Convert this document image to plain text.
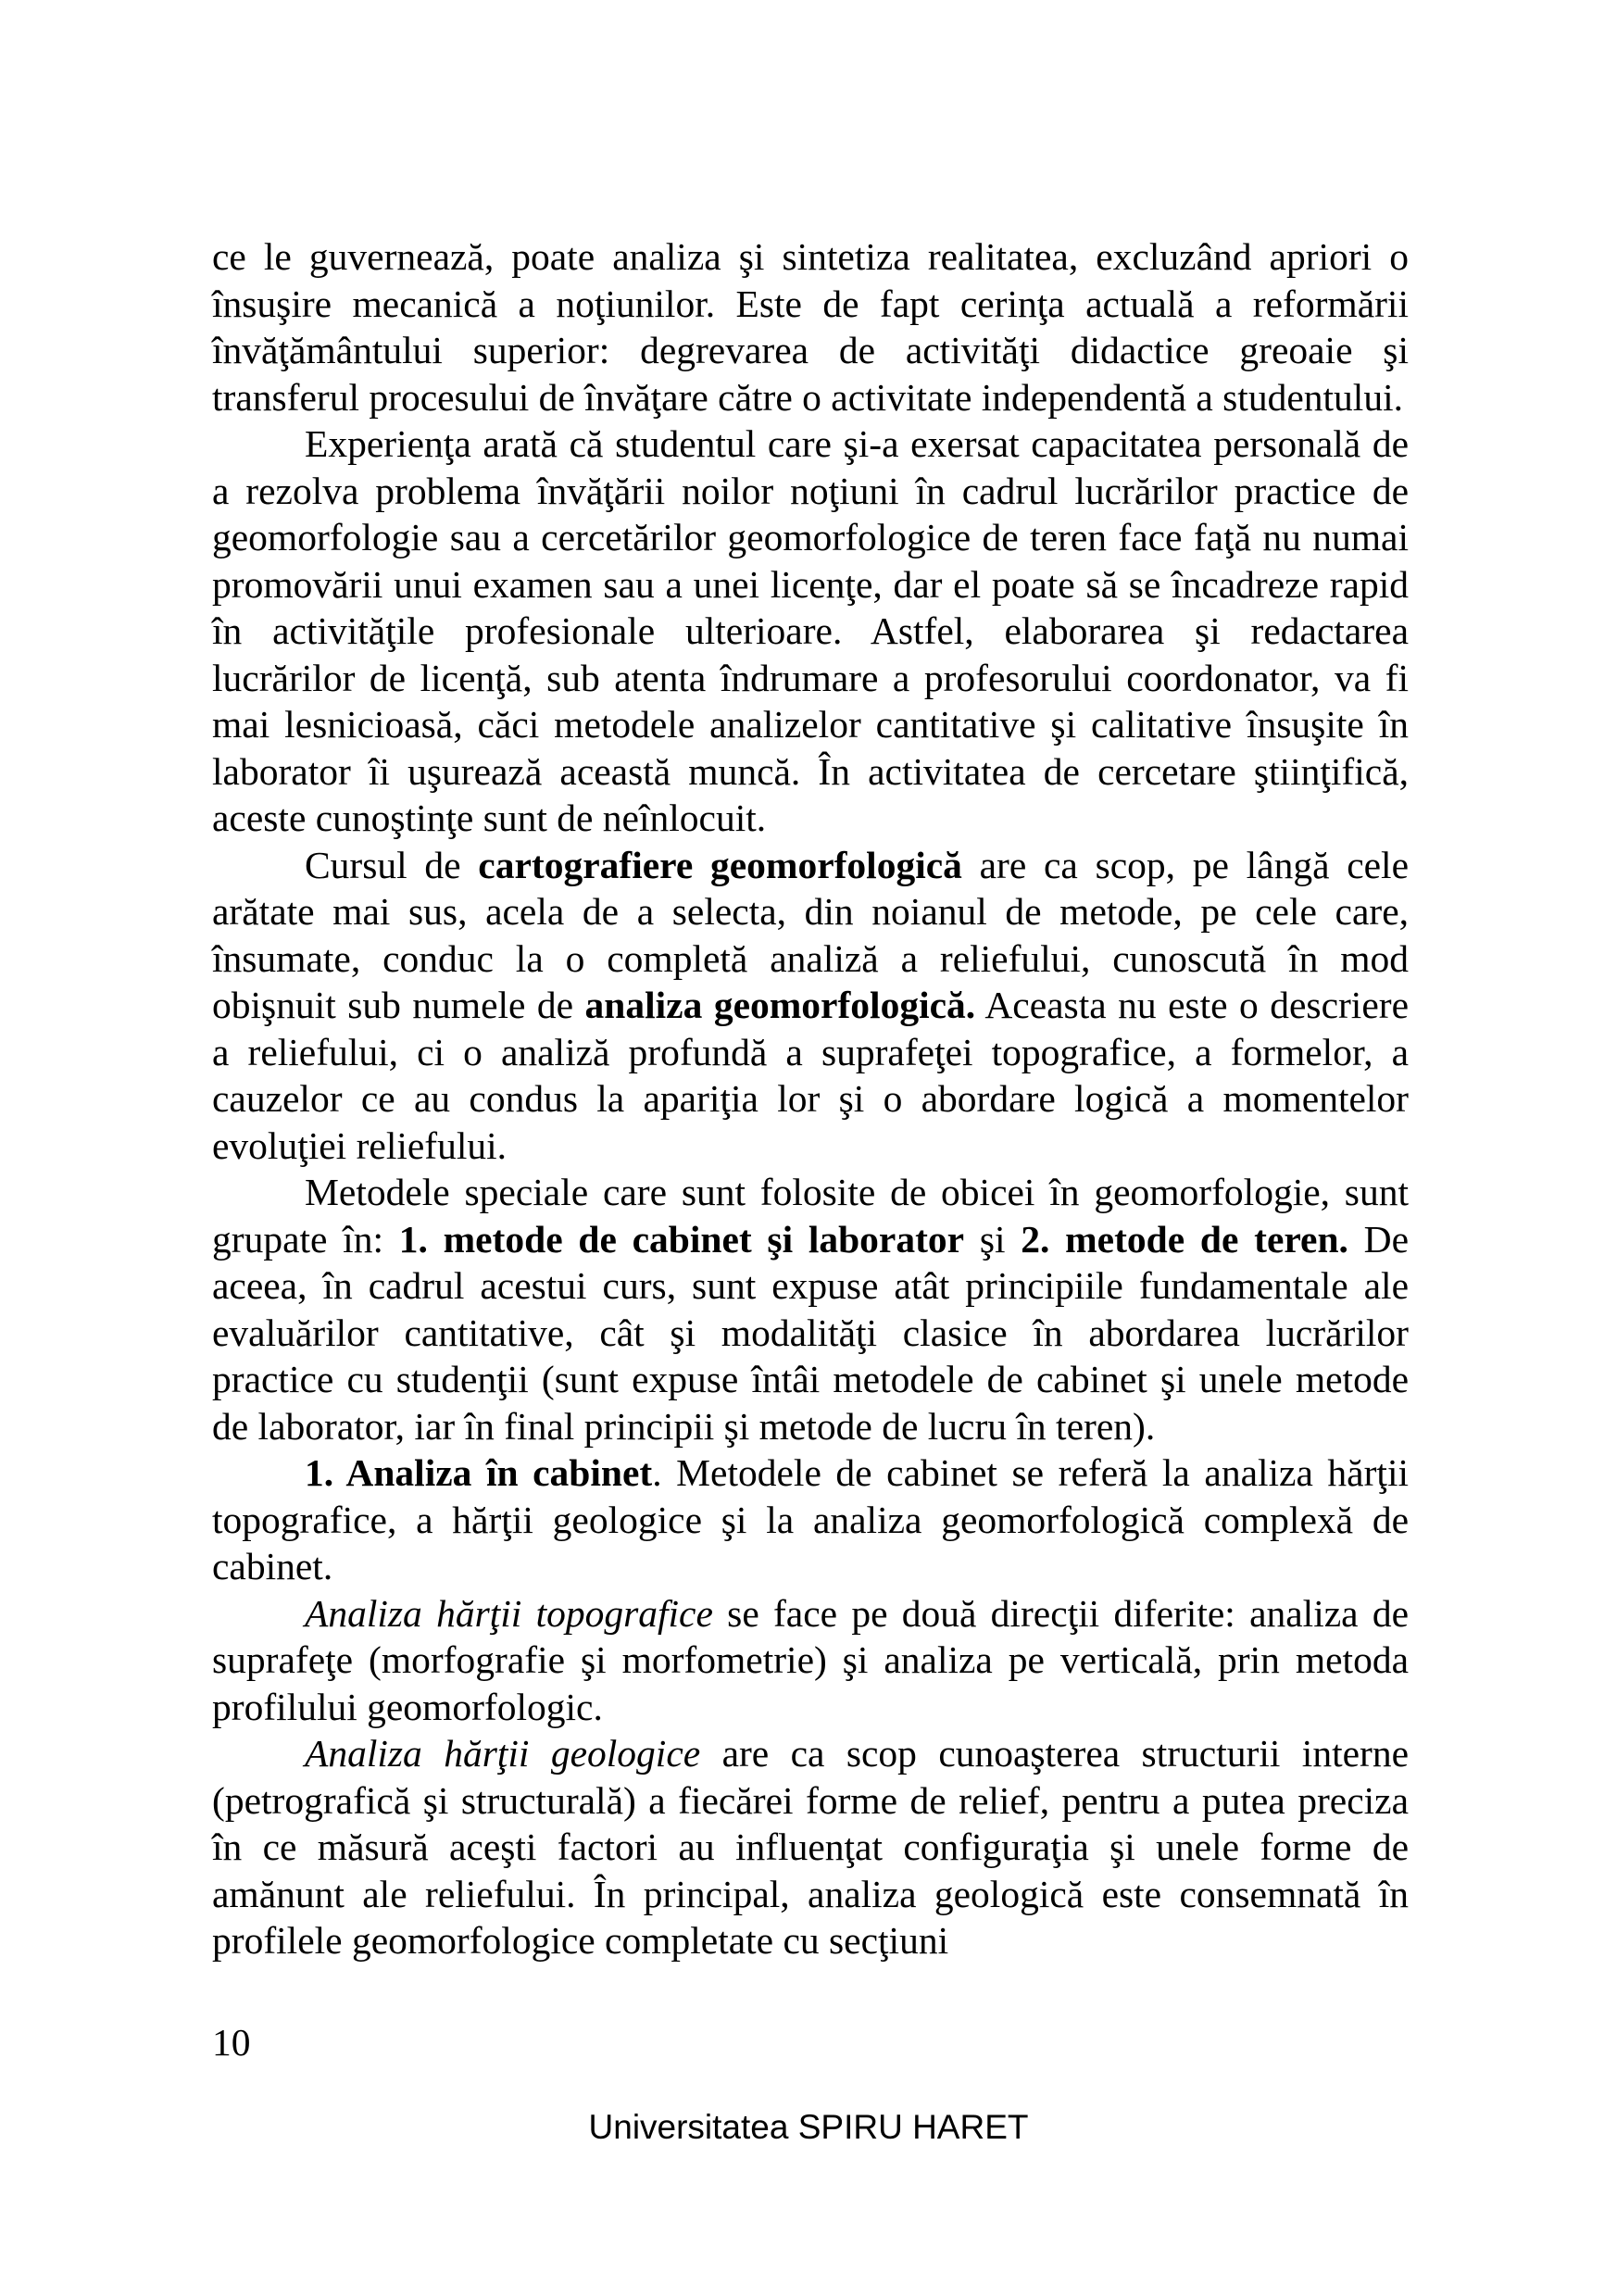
ce le guvernează, poate analiza şi sintetiza realitatea, excluzând apriori o însuşire mecanică a noţiunilor. Este de fapt cerinţa actuală a reformării învăţământului superior: degrevarea de activităţi didactice greoaie şi transferul procesului de învăţare către o activitate independentă a studentului.

Experienţa arată că studentul care şi-a exersat capacitatea personală de a rezolva problema învăţării noilor noţiuni în cadrul lucrărilor practice de geomorfologie sau a cercetărilor geomorfologice de teren face faţă nu numai promovării unui examen sau a unei licenţe, dar el poate să se încadreze rapid în activităţile profesionale ulterioare. Astfel, elaborarea şi redactarea lucrărilor de licenţă, sub atenta îndrumare a profesorului coordonator, va fi mai lesnicioasă, căci metodele analizelor cantitative şi calitative însuşite în laborator îi uşurează această muncă. În activitatea de cercetare ştiinţifică, aceste cunoştinţe sunt de neînlocuit.

Cursul de cartografiere geomorfologică are ca scop, pe lângă cele arătate mai sus, acela de a selecta, din noianul de metode, pe cele care, însumate, conduc la o completă analiză a reliefului, cunoscută în mod obişnuit sub numele de analiza geomorfologică. Aceasta nu este o descriere a reliefului, ci o analiză profundă a suprafeţei topografice, a formelor, a cauzelor ce au condus la apariţia lor şi o abordare logică a momentelor evoluţiei reliefului.

Metodele speciale care sunt folosite de obicei în geomorfologie, sunt grupate în: 1. metode de cabinet şi laborator şi 2. metode de teren. De aceea, în cadrul acestui curs, sunt expuse atât principiile fundamentale ale evaluărilor cantitative, cât şi modalităţi clasice în abordarea lucrărilor practice cu studenţii (sunt expuse întâi metodele de cabinet şi unele metode de laborator, iar în final principii şi metode de lucru în teren).

1. Analiza în cabinet. Metodele de cabinet se referă la analiza hărţii topografice, a hărţii geologice şi la analiza geomorfologică complexă de cabinet.

Analiza hărţii topografice se face pe două direcţii diferite: analiza de suprafeţe (morfografie şi morfometrie) şi analiza pe verticală, prin metoda profilului geomorfologic.

Analiza hărţii geologice are ca scop cunoaşterea structurii interne (petrografică şi structurală) a fiecărei forme de relief, pentru a putea preciza în ce măsură aceşti factori au influenţat configuraţia şi unele forme de amănunt ale reliefului. În principal, analiza geologică este consemnată în profilele geomorfologice completate cu secţiuni

10
Universitatea SPIRU HARET
